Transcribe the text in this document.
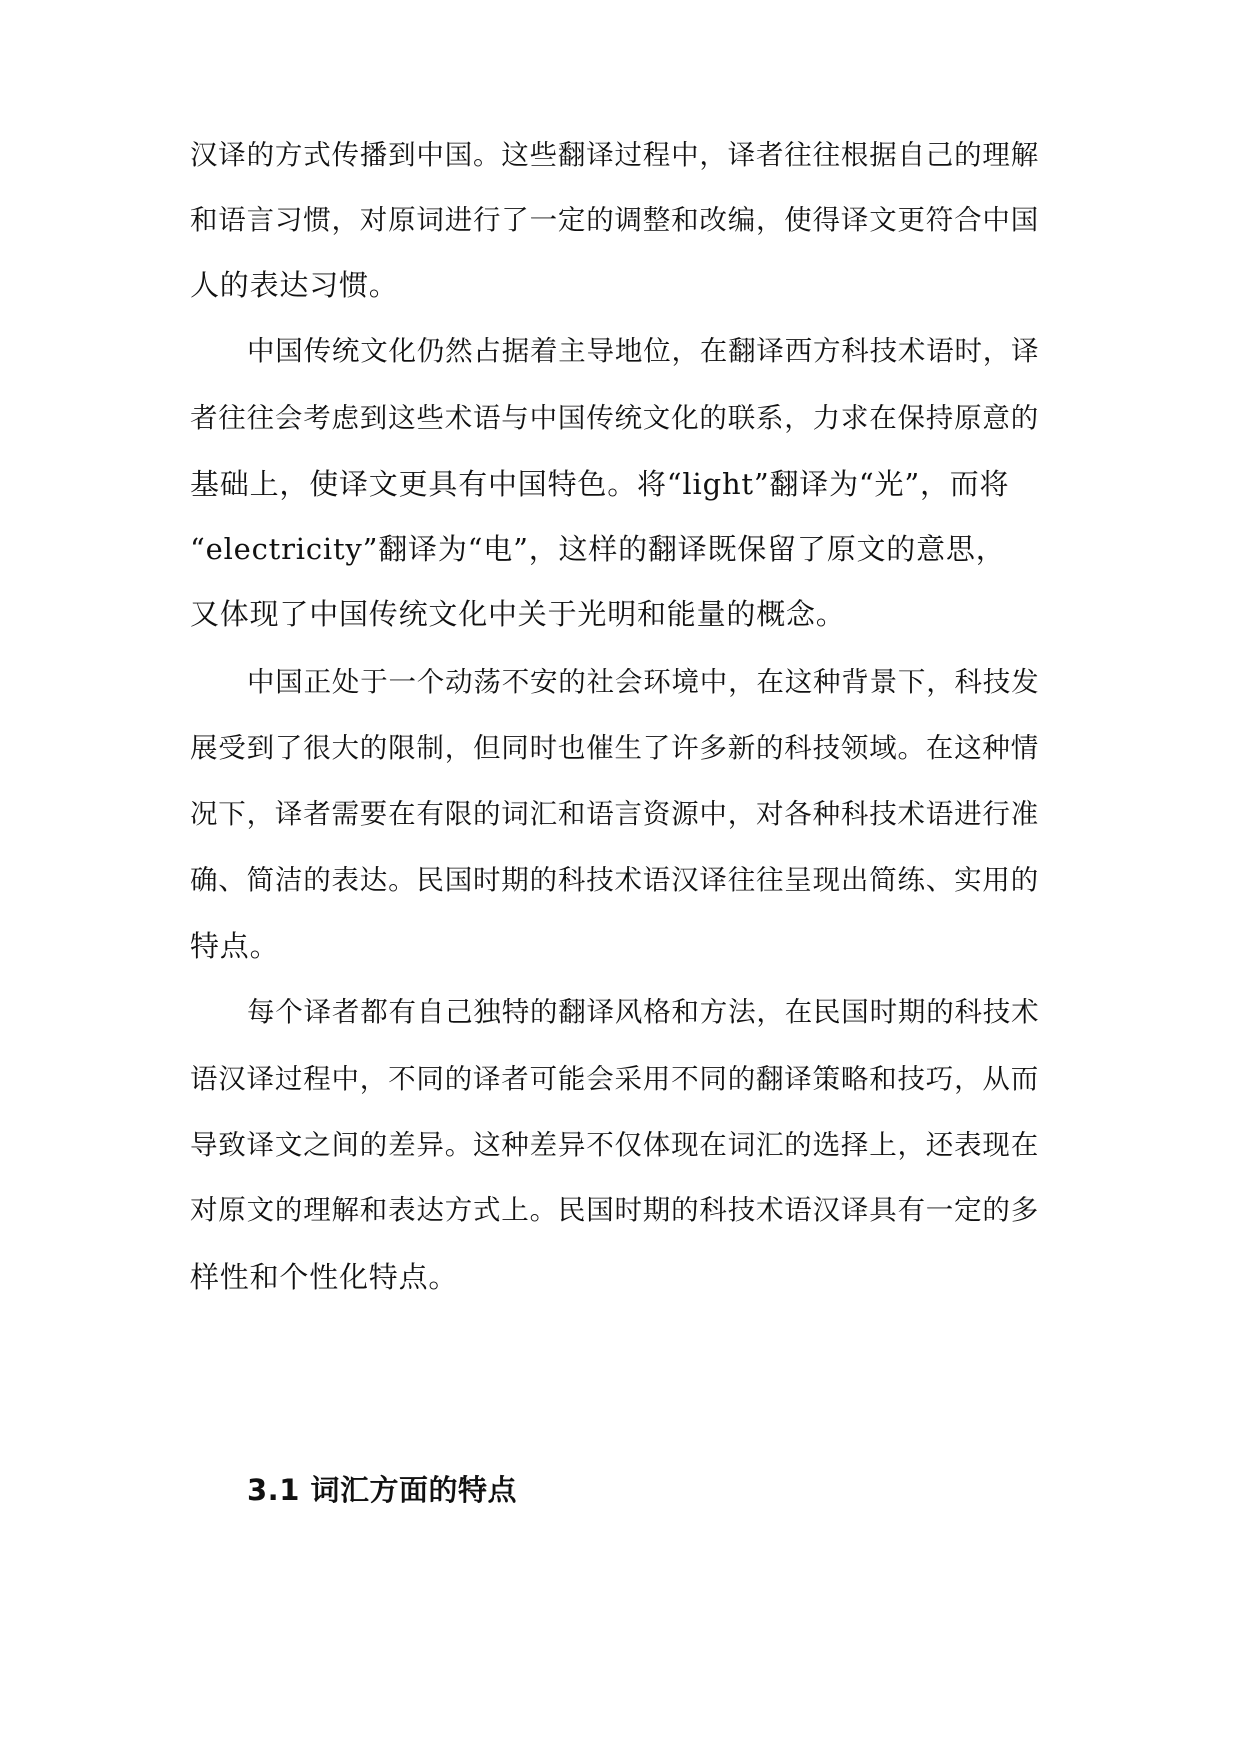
汉译的方式传播到中国。这些翻译过程中，译者往往根据自己的理解
和语言习惯，对原词进行了一定的调整和改编，使得译文更符合中国
人的表达习惯。
中国传统文化仍然占据着主导地位，在翻译西方科技术语时，译
者往往会考虑到这些术语与中国传统文化的联系，力求在保持原意的
基础上，使译文更具有中国特色。将“light”翻译为“光”，而将
“electricity”翻译为“电”，这样的翻译既保留了原文的意思，
又体现了中国传统文化中关于光明和能量的概念。
中国正处于一个动荡不安的社会环境中，在这种背景下，科技发
展受到了很大的限制，但同时也催生了许多新的科技领域。在这种情
况下，译者需要在有限的词汇和语言资源中，对各种科技术语进行准
确、简洁的表达。民国时期的科技术语汉译往往呈现出简练、实用的
特点。
每个译者都有自己独特的翻译风格和方法，在民国时期的科技术
语汉译过程中，不同的译者可能会采用不同的翻译策略和技巧，从而
导致译文之间的差异。这种差异不仅体现在词汇的选择上，还表现在
对原文的理解和表达方式上。民国时期的科技术语汉译具有一定的多
样性和个性化特点。
3.1 词汇方面的特点
